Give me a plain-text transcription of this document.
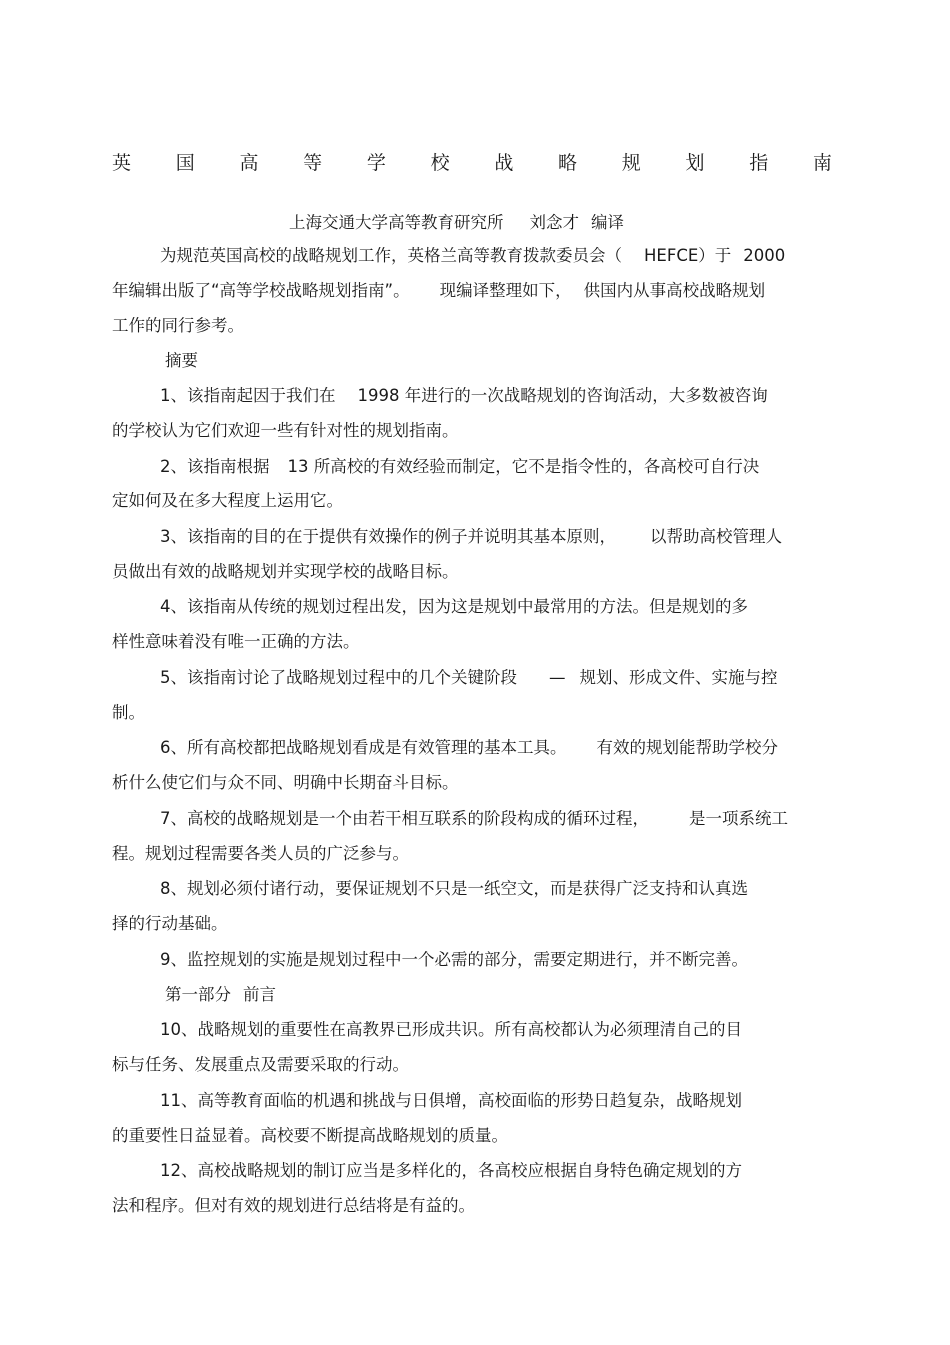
英 国 高 等 学 校 战 略 规 划 指 南
上海交通大学高等教育研究所 刘念才 编译
为规范英国高校的战略规划工作，英格兰高等教育拨款委员会（ HEFCE）于 2000
年编辑出版了“高等学校战略规划指南”。 现编译整理如下， 供国内从事高校战略规划
工作的同行参考。
摘要
1、该指南起因于我们在 1998 年进行的一次战略规划的咨询活动，大多数被咨询
的学校认为它们欢迎一些有针对性的规划指南。
2、该指南根据 13 所高校的有效经验而制定，它不是指令性的，各高校可自行决
定如何及在多大程度上运用它。
3、该指南的目的在于提供有效操作的例子并说明其基本原则， 以帮助高校管理人
员做出有效的战略规划并实现学校的战略目标。
4、该指南从传统的规划过程出发，因为这是规划中最常用的方法。但是规划的多
样性意味着没有唯一正确的方法。
5、该指南讨论了战略规划过程中的几个关键阶段 — 规划、形成文件、实施与控
制。
6、所有高校都把战略规划看成是有效管理的基本工具。 有效的规划能帮助学校分
析什么使它们与众不同、明确中长期奋斗目标。
7、高校的战略规划是一个由若干相互联系的阶段构成的循环过程， 是一项系统工
程。规划过程需要各类人员的广泛参与。
8、规划必须付诸行动，要保证规划不只是一纸空文，而是获得广泛支持和认真选
择的行动基础。
9、监控规划的实施是规划过程中一个必需的部分，需要定期进行，并不断完善。
第一部分 前言
10、战略规划的重要性在高教界已形成共识。所有高校都认为必须理清自己的目
标与任务、发展重点及需要采取的行动。
11、高等教育面临的机遇和挑战与日俱增，高校面临的形势日趋复杂，战略规划
的重要性日益显着。高校要不断提高战略规划的质量。
12、高校战略规划的制订应当是多样化的，各高校应根据自身特色确定规划的方
法和程序。但对有效的规划进行总结将是有益的。
